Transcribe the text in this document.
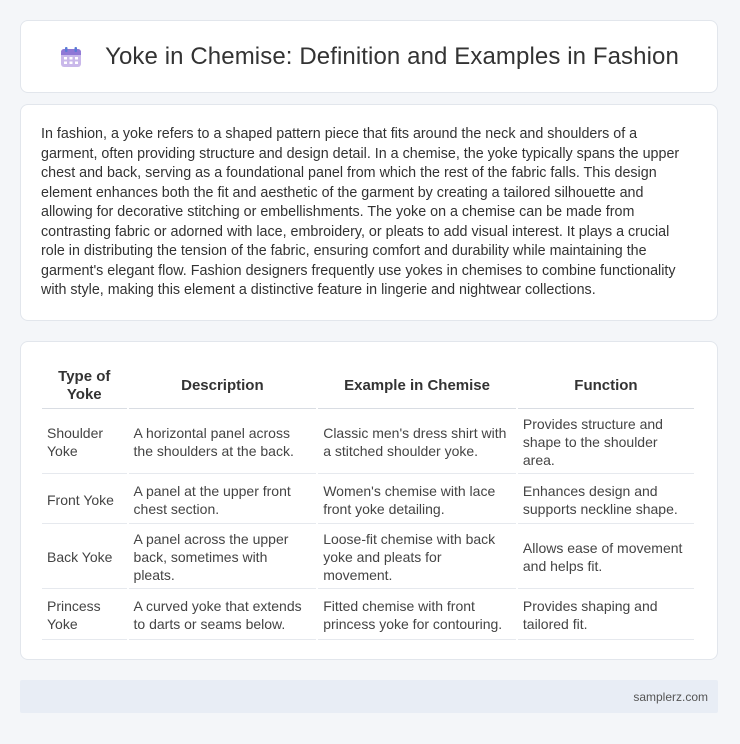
Yoke in Chemise: Definition and Examples in Fashion

In fashion, a yoke refers to a shaped pattern piece that fits around the neck and shoulders of a garment, often providing structure and design detail. In a chemise, the yoke typically spans the upper chest and back, serving as a foundational panel from which the rest of the fabric falls. This design element enhances both the fit and aesthetic of the garment by creating a tailored silhouette and allowing for decorative stitching or embellishments. The yoke on a chemise can be made from contrasting fabric or adorned with lace, embroidery, or pleats to add visual interest. It plays a crucial role in distributing the tension of the fabric, ensuring comfort and durability while maintaining the garment's elegant flow. Fashion designers frequently use yokes in chemises to combine functionality with style, making this element a distinctive feature in lingerie and nightwear collections.

Type of Yoke	Description	Example in Chemise	Function
Shoulder Yoke	A horizontal panel across the shoulders at the back.	Classic men's dress shirt with a stitched shoulder yoke.	Provides structure and shape to the shoulder area.
Front Yoke	A panel at the upper front chest section.	Women's chemise with lace front yoke detailing.	Enhances design and supports neckline shape.
Back Yoke	A panel across the upper back, sometimes with pleats.	Loose-fit chemise with back yoke and pleats for movement.	Allows ease of movement and helps fit.
Princess Yoke	A curved yoke that extends to darts or seams below.	Fitted chemise with front princess yoke for contouring.	Provides shaping and tailored fit.
samplerz.com
